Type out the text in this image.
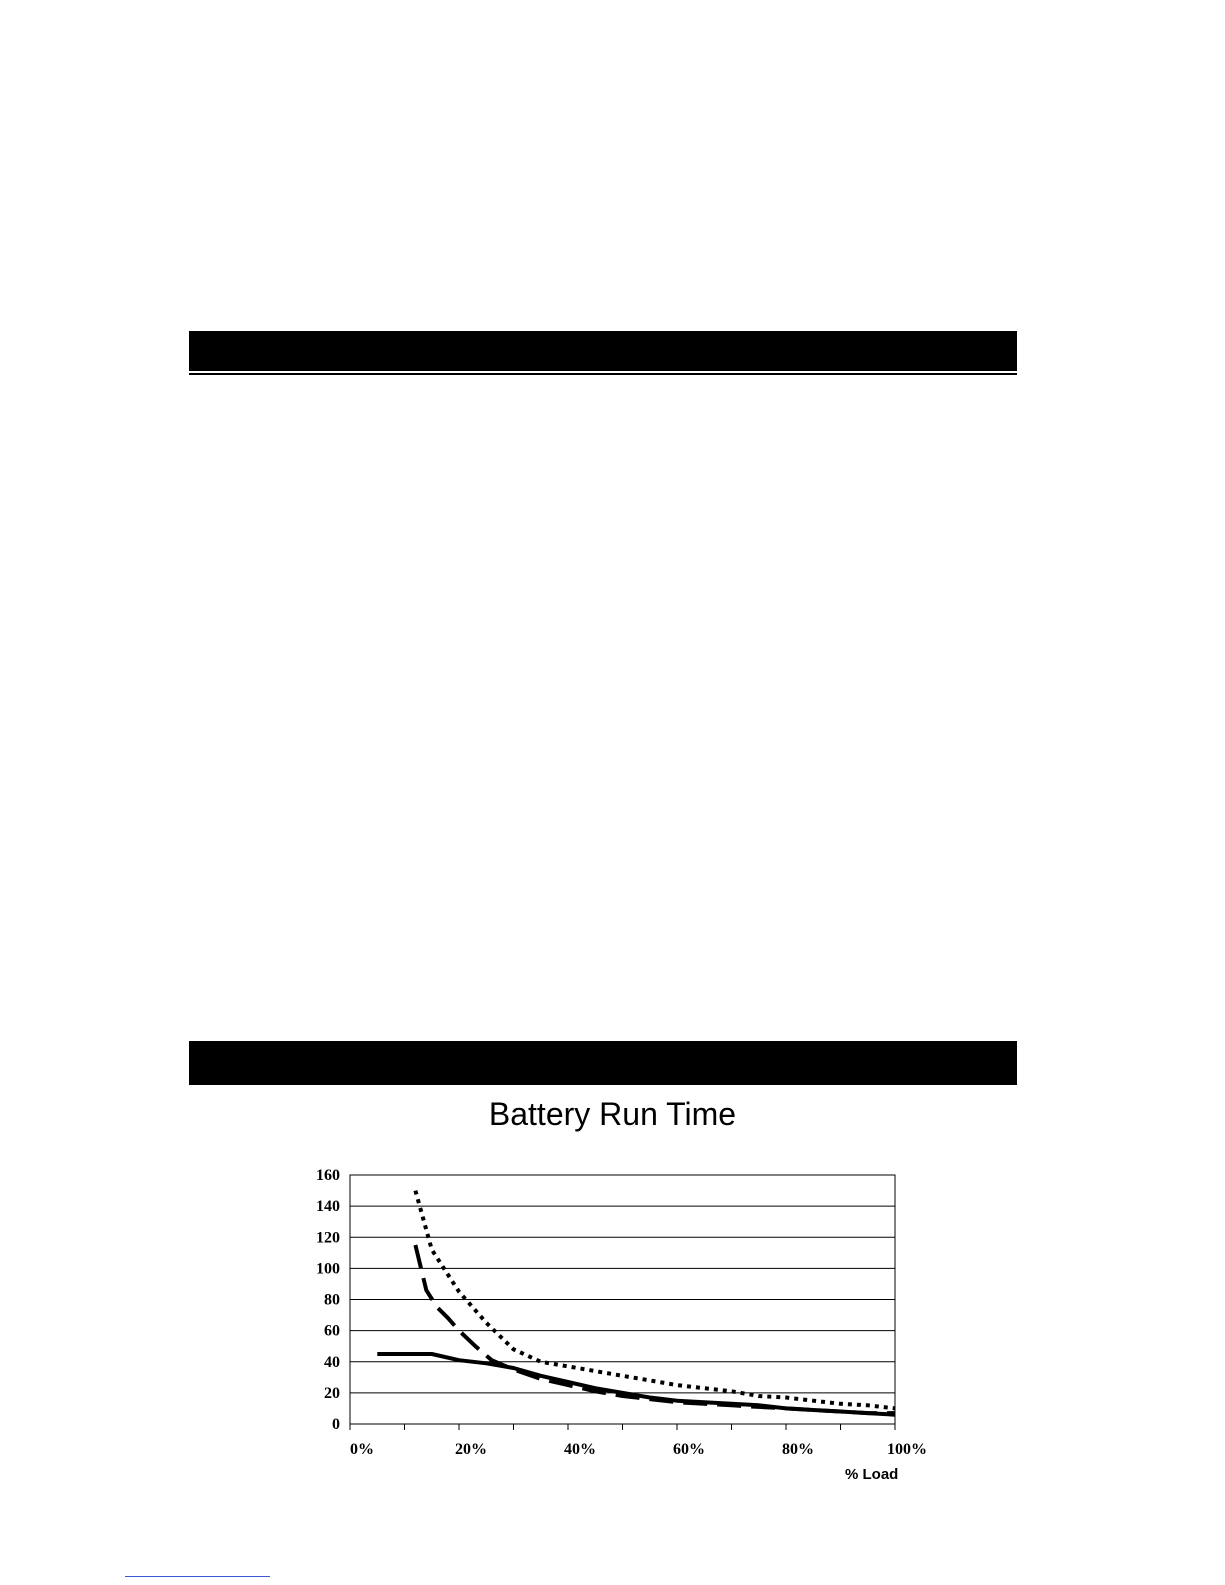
Battery Run Time
0
20
40
60
80
100
120
140
160
0%	20%	40%	60%	80%	100%
% Load
